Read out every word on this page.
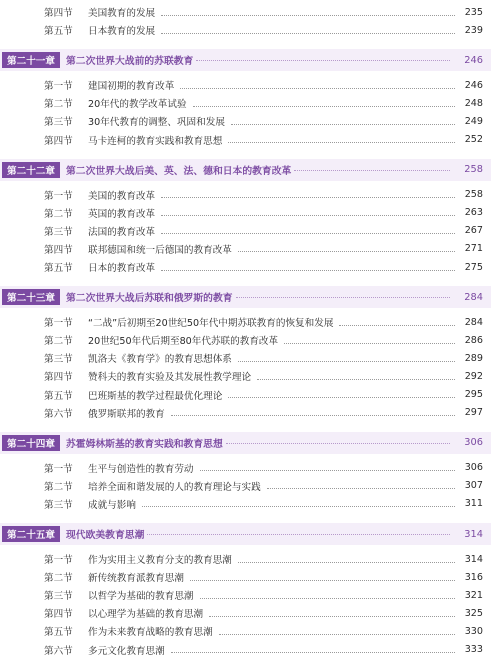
第四节	美国教育的发展	235
第五节	日本教育的发展	239
第二十一章	第二次世界大战前的苏联教育	246
第一节	建国初期的教育改革	246
第二节	20年代的教学改革试验	248
第三节	30年代教育的调整、巩固和发展	249
第四节	马卡连柯的教育实践和教育思想	252
第二十二章	第二次世界大战后美、英、法、德和日本的教育改革	258
第一节	美国的教育改革	258
第二节	英国的教育改革	263
第三节	法国的教育改革	267
第四节	联邦德国和统一后德国的教育改革	271
第五节	日本的教育改革	275
第二十三章	第二次世界大战后苏联和俄罗斯的教育	284
第一节	“二战”后初期至20世纪50年代中期苏联教育的恢复和发展	284
第二节	20世纪50年代后期至80年代苏联的教育改革	286
第三节	凯洛夫《教育学》的教育思想体系	289
第四节	赞科夫的教育实验及其发展性教学理论	292
第五节	巴班斯基的教学过程最优化理论	295
第六节	俄罗斯联邦的教育	297
第二十四章	苏霍姆林斯基的教育实践和教育思想	306
第一节	生平与创造性的教育劳动	306
第二节	培养全面和谐发展的人的教育理论与实践	307
第三节	成就与影响	311
第二十五章	现代欧美教育思潮	314
第一节	作为实用主义教育分支的教育思潮	314
第二节	新传统教育派教育思潮	316
第三节	以哲学为基础的教育思潮	321
第四节	以心理学为基础的教育思潮	325
第五节	作为未来教育战略的教育思潮	330
第六节	多元文化教育思潮	333
